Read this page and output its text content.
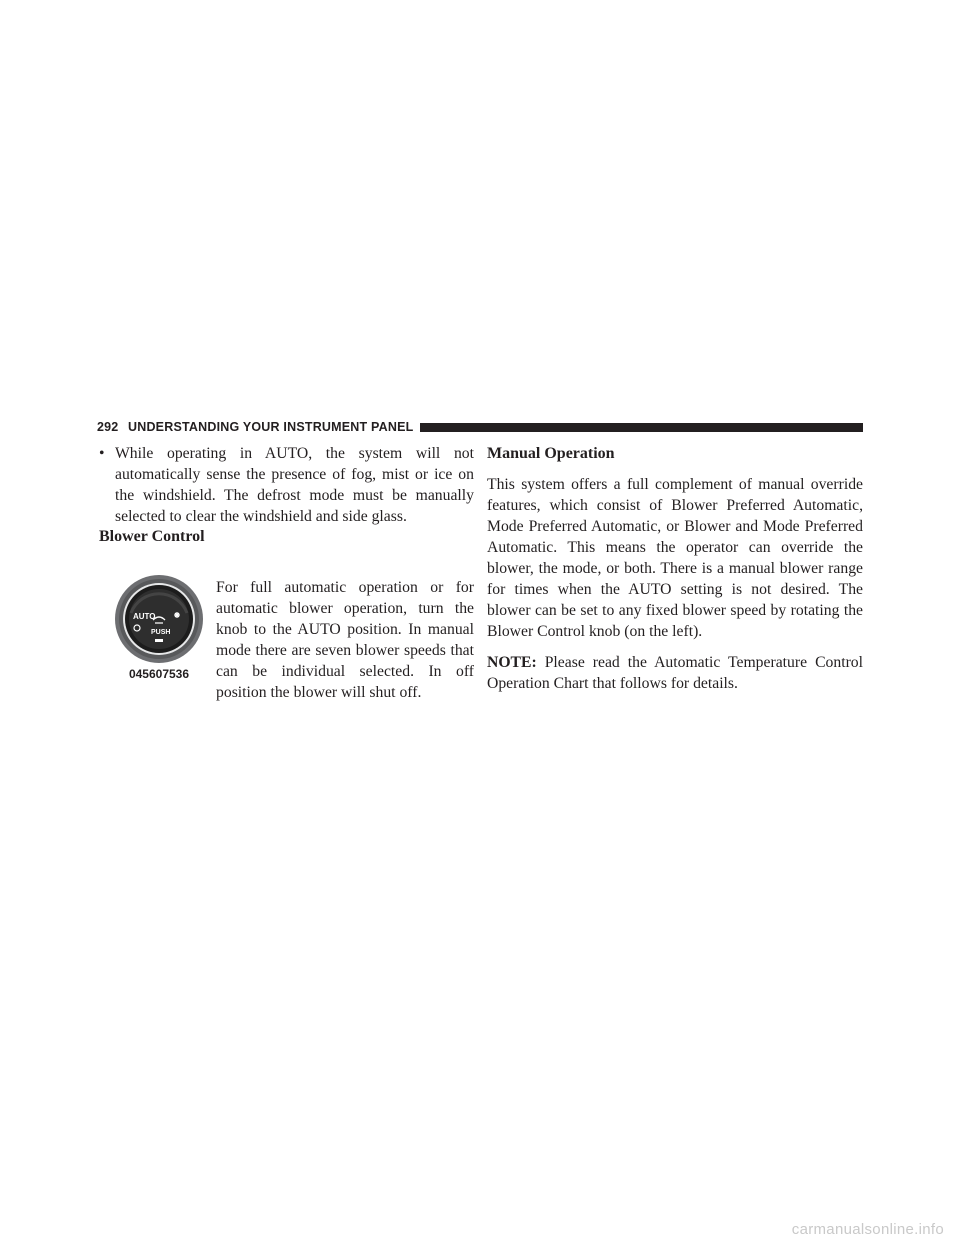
292 UNDERSTANDING YOUR INSTRUMENT PANEL
• While operating in AUTO, the system will not automatically sense the presence of fog, mist or ice on the windshield. The defrost mode must be manually selected to clear the windshield and side glass.
Blower Control
AUTO
PUSH
045607536

For full automatic operation or for automatic blower operation, turn the knob to the AUTO position. In manual mode there are seven blower speeds that can be individual selected. In off position the blower will shut off.

Manual Operation

This system offers a full complement of manual override features, which consist of Blower Preferred Automatic, Mode Preferred Automatic, or Blower and Mode Preferred Automatic. This means the operator can override the blower, the mode, or both. There is a manual blower range for times when the AUTO setting is not desired. The blower can be set to any fixed blower speed by rotating the Blower Control knob (on the left).

NOTE: Please read the Automatic Temperature Control Operation Chart that follows for details.

carmanualsonline.info
